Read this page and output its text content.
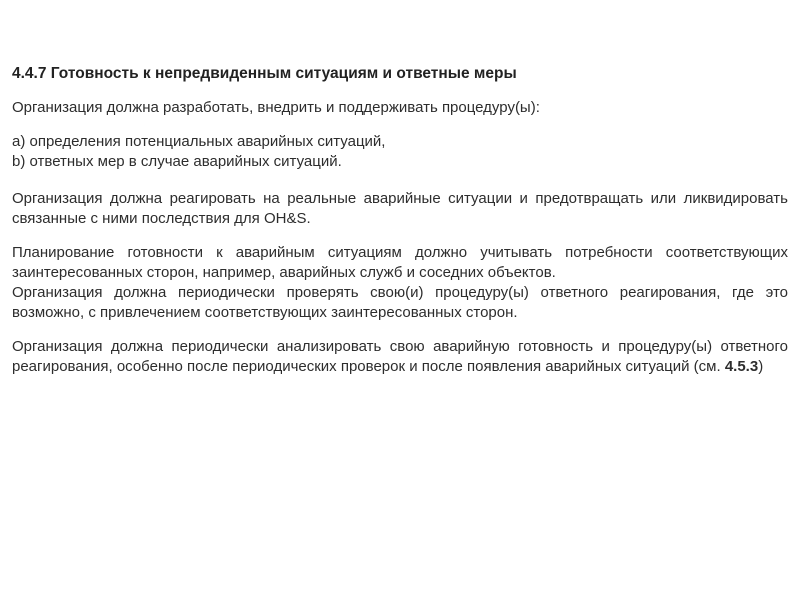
4.4.7 Готовность к непредвиденным ситуациям и ответные меры

Организация должна разработать, внедрить и поддерживать процедуру(ы):

a) определения потенциальных аварийных ситуаций,

b) ответных мер в случае аварийных ситуаций.

Организация должна реагировать на реальные аварийные ситуации и предотвращать или ликвидировать связанные с ними последствия для OH&S.

Планирование готовности к аварийным ситуациям должно учитывать потребности соответствующих заинтересованных сторон, например, аварийных служб и соседних объектов.

Организация должна периодически проверять свою(и) процедуру(ы) ответного реагирования, где это возможно, с привлечением соответствующих заинтересованных сторон.

Организация должна периодически анализировать свою аварийную готовность и процедуру(ы) ответного реагирования, особенно после периодических проверок и после появления аварийных ситуаций (см. 4.5.3)
